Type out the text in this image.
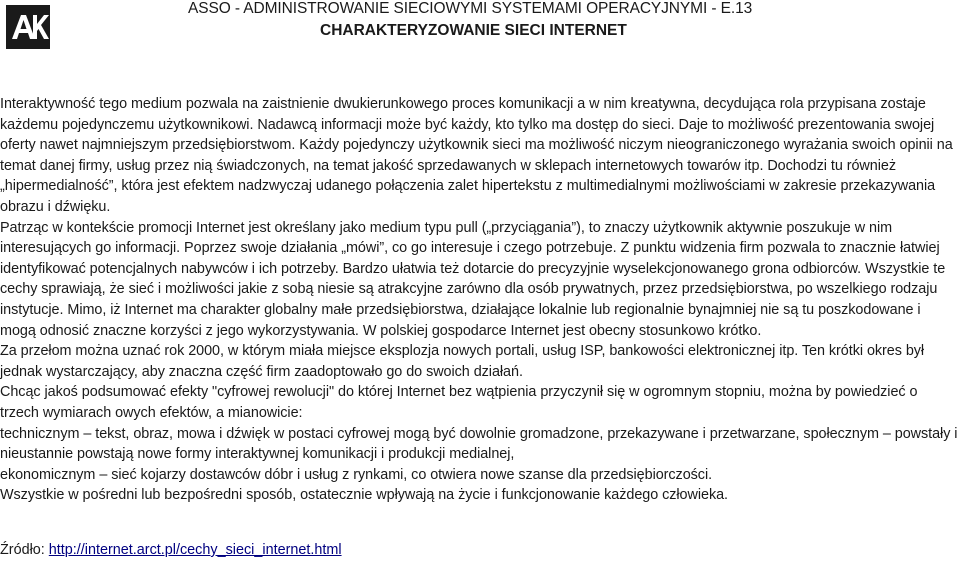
ASSO - ADMINISTROWANIE SIECIOWYMI SYSTEMAMI OPERACYJNYMI - E.13
CHARAKTERYZOWANIE SIECI INTERNET

Interaktywność tego medium pozwala na zaistnienie dwukierunkowego proces komunikacji a w nim kreatywna, decydująca rola przypisana zostaje każdemu pojedynczemu użytkownikowi. Nadawcą informacji może być każdy, kto tylko ma dostęp do sieci. Daje to możliwość prezentowania swojej oferty nawet najmniejszym przedsiębiorstwom. Każdy pojedynczy użytkownik sieci ma możliwość niczym nieograniczonego wyrażania swoich opinii na temat danej firmy, usług przez nią świadczonych, na temat jakość sprzedawanych w sklepach internetowych towarów itp. Dochodzi tu również „hipermedialność”, która jest efektem nadzwyczaj udanego połączenia zalet hipertekstu z multimedialnymi możliwościami w zakresie przekazywania obrazu i dźwięku.

Patrząc w kontekście promocji Internet jest określany jako medium typu pull („przyciągania”), to znaczy użytkownik aktywnie poszukuje w nim interesujących go informacji. Poprzez swoje działania „mówi”, co go interesuje i czego potrzebuje. Z punktu widzenia firm pozwala to znacznie łatwiej identyfikować potencjalnych nabywców i ich potrzeby. Bardzo ułatwia też dotarcie do precyzyjnie wyselekcjonowanego grona odbiorców. Wszystkie te cechy sprawiają, że sieć i możliwości jakie z sobą niesie są atrakcyjne zarówno dla osób prywatnych, przez przedsiębiorstwa, po wszelkiego rodzaju instytucje. Mimo, iż Internet ma charakter globalny małe przedsiębiorstwa, działające lokalnie lub regionalnie bynajmniej nie są tu poszkodowane i mogą odnosić znaczne korzyści z jego wykorzystywania. W polskiej gospodarce Internet jest obecny stosunkowo krótko.

Za przełom można uznać rok 2000, w którym miała miejsce eksplozja nowych portali, usług ISP, bankowości elektronicznej itp. Ten krótki okres był jednak wystarczający, aby znaczna część firm zaadoptowało go do swoich działań.

Chcąc jakoś podsumować efekty "cyfrowej rewolucji" do której Internet bez wątpienia przyczynił się w ogromnym stopniu, można by powiedzieć o trzech wymiarach owych efektów, a mianowicie:

technicznym – tekst, obraz, mowa i dźwięk w postaci cyfrowej mogą być dowolnie gromadzone, przekazywane i przetwarzane, społecznym – powstały i nieustannie powstają nowe formy interaktywnej komunikacji i produkcji medialnej,

ekonomicznym – sieć kojarzy dostawców dóbr i usług z rynkami, co otwiera nowe szanse dla przedsiębiorczości.

Wszystkie w pośredni lub bezpośredni sposób, ostatecznie wpływają na życie i funkcjonowanie każdego człowieka.

Źródło: http://internet.arct.pl/cechy_sieci_internet.html
